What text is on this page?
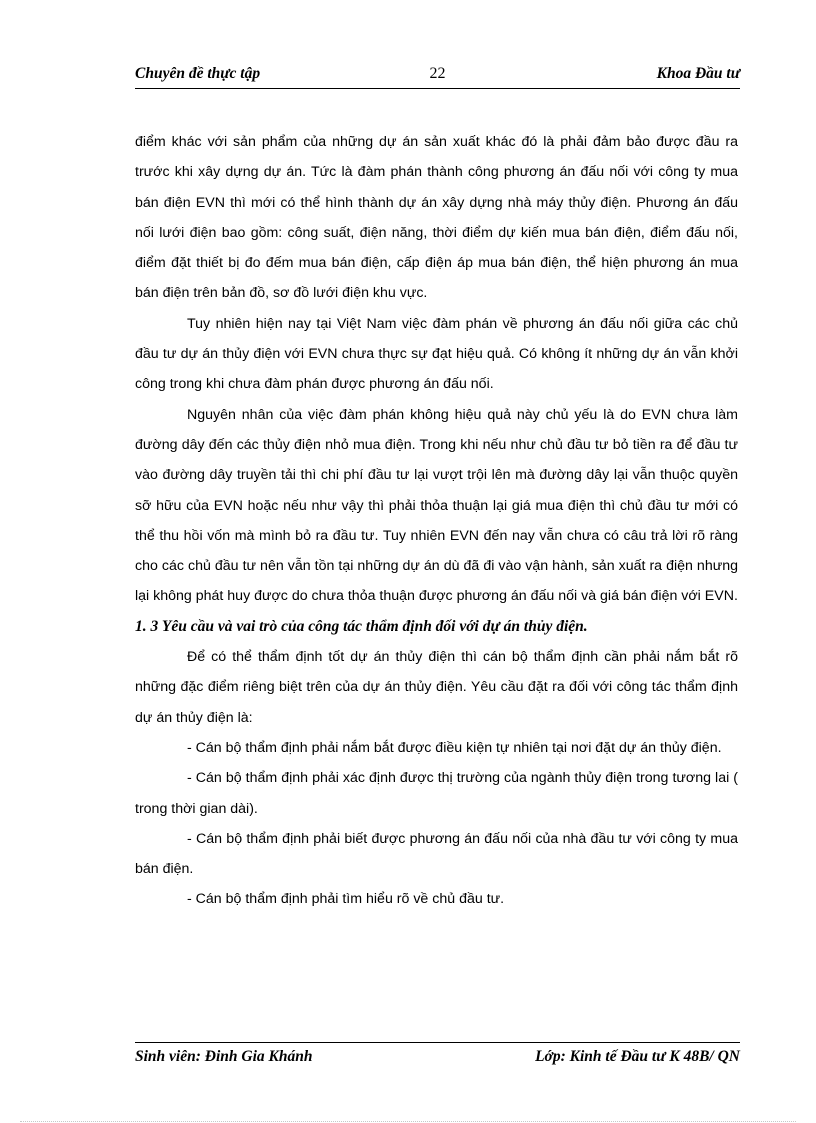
Chuyên đề thực tập	22	Khoa Đầu tư

điểm khác với sản phẩm của những dự án sản xuất khác đó là phải đảm bảo được đầu ra trước khi xây dựng dự án. Tức là đàm phán thành công phương án đấu nối với công ty mua bán điện EVN thì mới có thể hình thành dự án xây dựng nhà máy thủy điện. Phương án đấu nối lưới điện bao gồm: công suất, điện năng, thời điểm dự kiến mua bán điện, điểm đấu nối, điểm đặt thiết bị đo đếm mua bán điện, cấp điện áp mua bán điện, thể hiện phương án mua bán điện trên bản đồ, sơ đồ lưới điện khu vực.

Tuy nhiên hiện nay tại Việt Nam việc đàm phán về phương án đấu nối giữa các chủ đầu tư dự án thủy điện với EVN chưa thực sự đạt hiệu quả. Có không ít những dự án vẫn khởi công trong khi chưa đàm phán được phương án đấu nối.

Nguyên nhân của việc đàm phán không hiệu quả này chủ yếu là do EVN chưa làm đường dây đến các thủy điện nhỏ mua điện. Trong khi nếu như chủ đầu tư bỏ tiền ra để đầu tư vào đường dây truyền tải thì chi phí đầu tư lại vượt trội lên mà đường dây lại vẫn thuộc quyền sỡ hữu của EVN hoặc nếu như vậy thì phải thỏa thuận lại giá mua điện thì chủ đầu tư mới có thể thu hồi vốn mà mình bỏ ra đầu tư. Tuy nhiên EVN đến nay vẫn chưa có câu trả lời rõ ràng cho các chủ đầu tư nên vẫn tồn tại những dự án dù đã đi vào vận hành, sản xuất ra điện nhưng lại không phát huy được do chưa thỏa thuận được phương án đấu nối và giá bán điện với EVN.

1. 3 Yêu cầu và vai trò của công tác thẩm định đối với dự án thủy điện.

Để có thể thẩm định tốt dự án thủy điện thì cán bộ thẩm định cần phải nắm bắt rõ những đặc điểm riêng biệt trên của dự án thủy điện. Yêu cầu đặt ra đối với công tác thẩm định dự án thủy điện là:

- Cán bộ thẩm định phải nắm bắt được điều kiện tự nhiên tại nơi đặt dự án thủy điện.

- Cán bộ thẩm định phải xác định được thị trường của ngành thủy điện trong tương lai ( trong thời gian dài).

- Cán bộ thẩm định phải biết được phương án đấu nối của nhà đầu tư với công ty mua bán điện.

- Cán bộ thẩm định phải tìm hiểu rõ về chủ đầu tư.

Sinh viên: Đinh Gia Khánh	Lớp: Kinh tế Đầu tư K 48B/ QN
